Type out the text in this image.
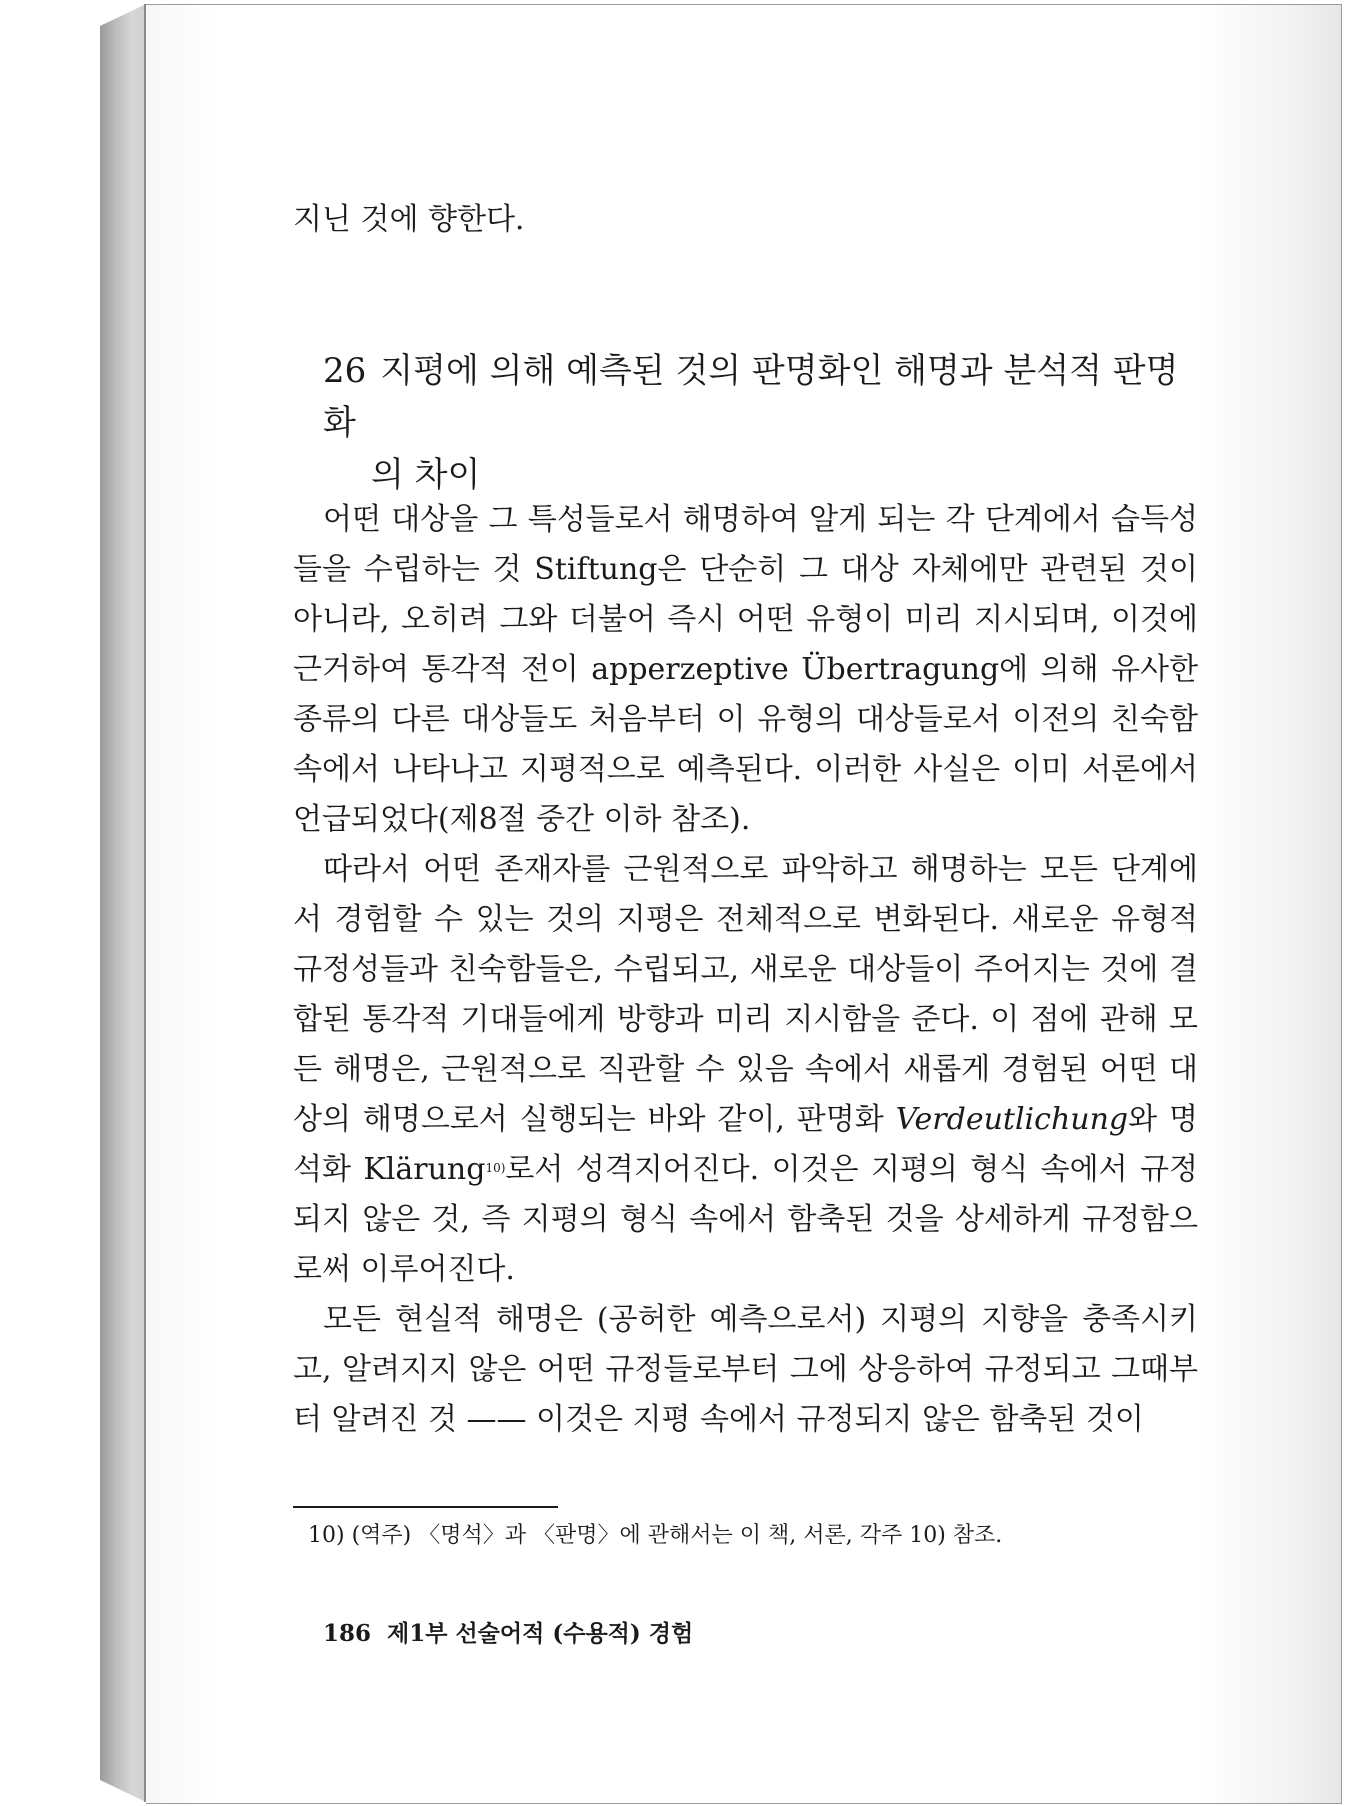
지닌 것에 향한다.

26 지평에 의해 예측된 것의 판명화인 해명과 분석적 판명화
의 차이

어떤 대상을 그 특성들로서 해명하여 알게 되는 각 단계에서 습득성들을 수립하는 것 Stiftung은 단순히 그 대상 자체에만 관련된 것이 아니라, 오히려 그와 더불어 즉시 어떤 유형이 미리 지시되며, 이것에 근거하여 통각적 전이 apperzeptive Übertragung에 의해 유사한 종류의 다른 대상들도 처음부터 이 유형의 대상들로서 이전의 친숙함 속에서 나타나고 지평적으로 예측된다. 이러한 사실은 이미 서론에서 언급되었다(제8절 중간 이하 참조).

따라서 어떤 존재자를 근원적으로 파악하고 해명하는 모든 단계에서 경험할 수 있는 것의 지평은 전체적으로 변화된다. 새로운 유형적 규정성들과 친숙함들은, 수립되고, 새로운 대상들이 주어지는 것에 결합된 통각적 기대들에게 방향과 미리 지시함을 준다. 이 점에 관해 모든 해명은, 근원적으로 직관할 수 있음 속에서 새롭게 경험된 어떤 대상의 해명으로서 실행되는 바와 같이, 판명화 Verdeutlichung와 명석화 Klärung$^{10)}$로서 성격지어진다. 이것은 지평의 형식 속에서 규정되지 않은 것, 즉 지평의 형식 속에서 함축된 것을 상세하게 규정함으로써 이루어진다.

모든 현실적 해명은 (공허한 예측으로서) 지평의 지향을 충족시키고, 알려지지 않은 어떤 규정들로부터 그에 상응하여 규정되고 그때부터 알려진 것 —— 이것은 지평 속에서 규정되지 않은 함축된 것이

10) (역주) 〈명석〉과 〈판명〉에 관해서는 이 책, 서론, 각주 10) 참조.

186 제1부 선술어적 (수용적) 경험
